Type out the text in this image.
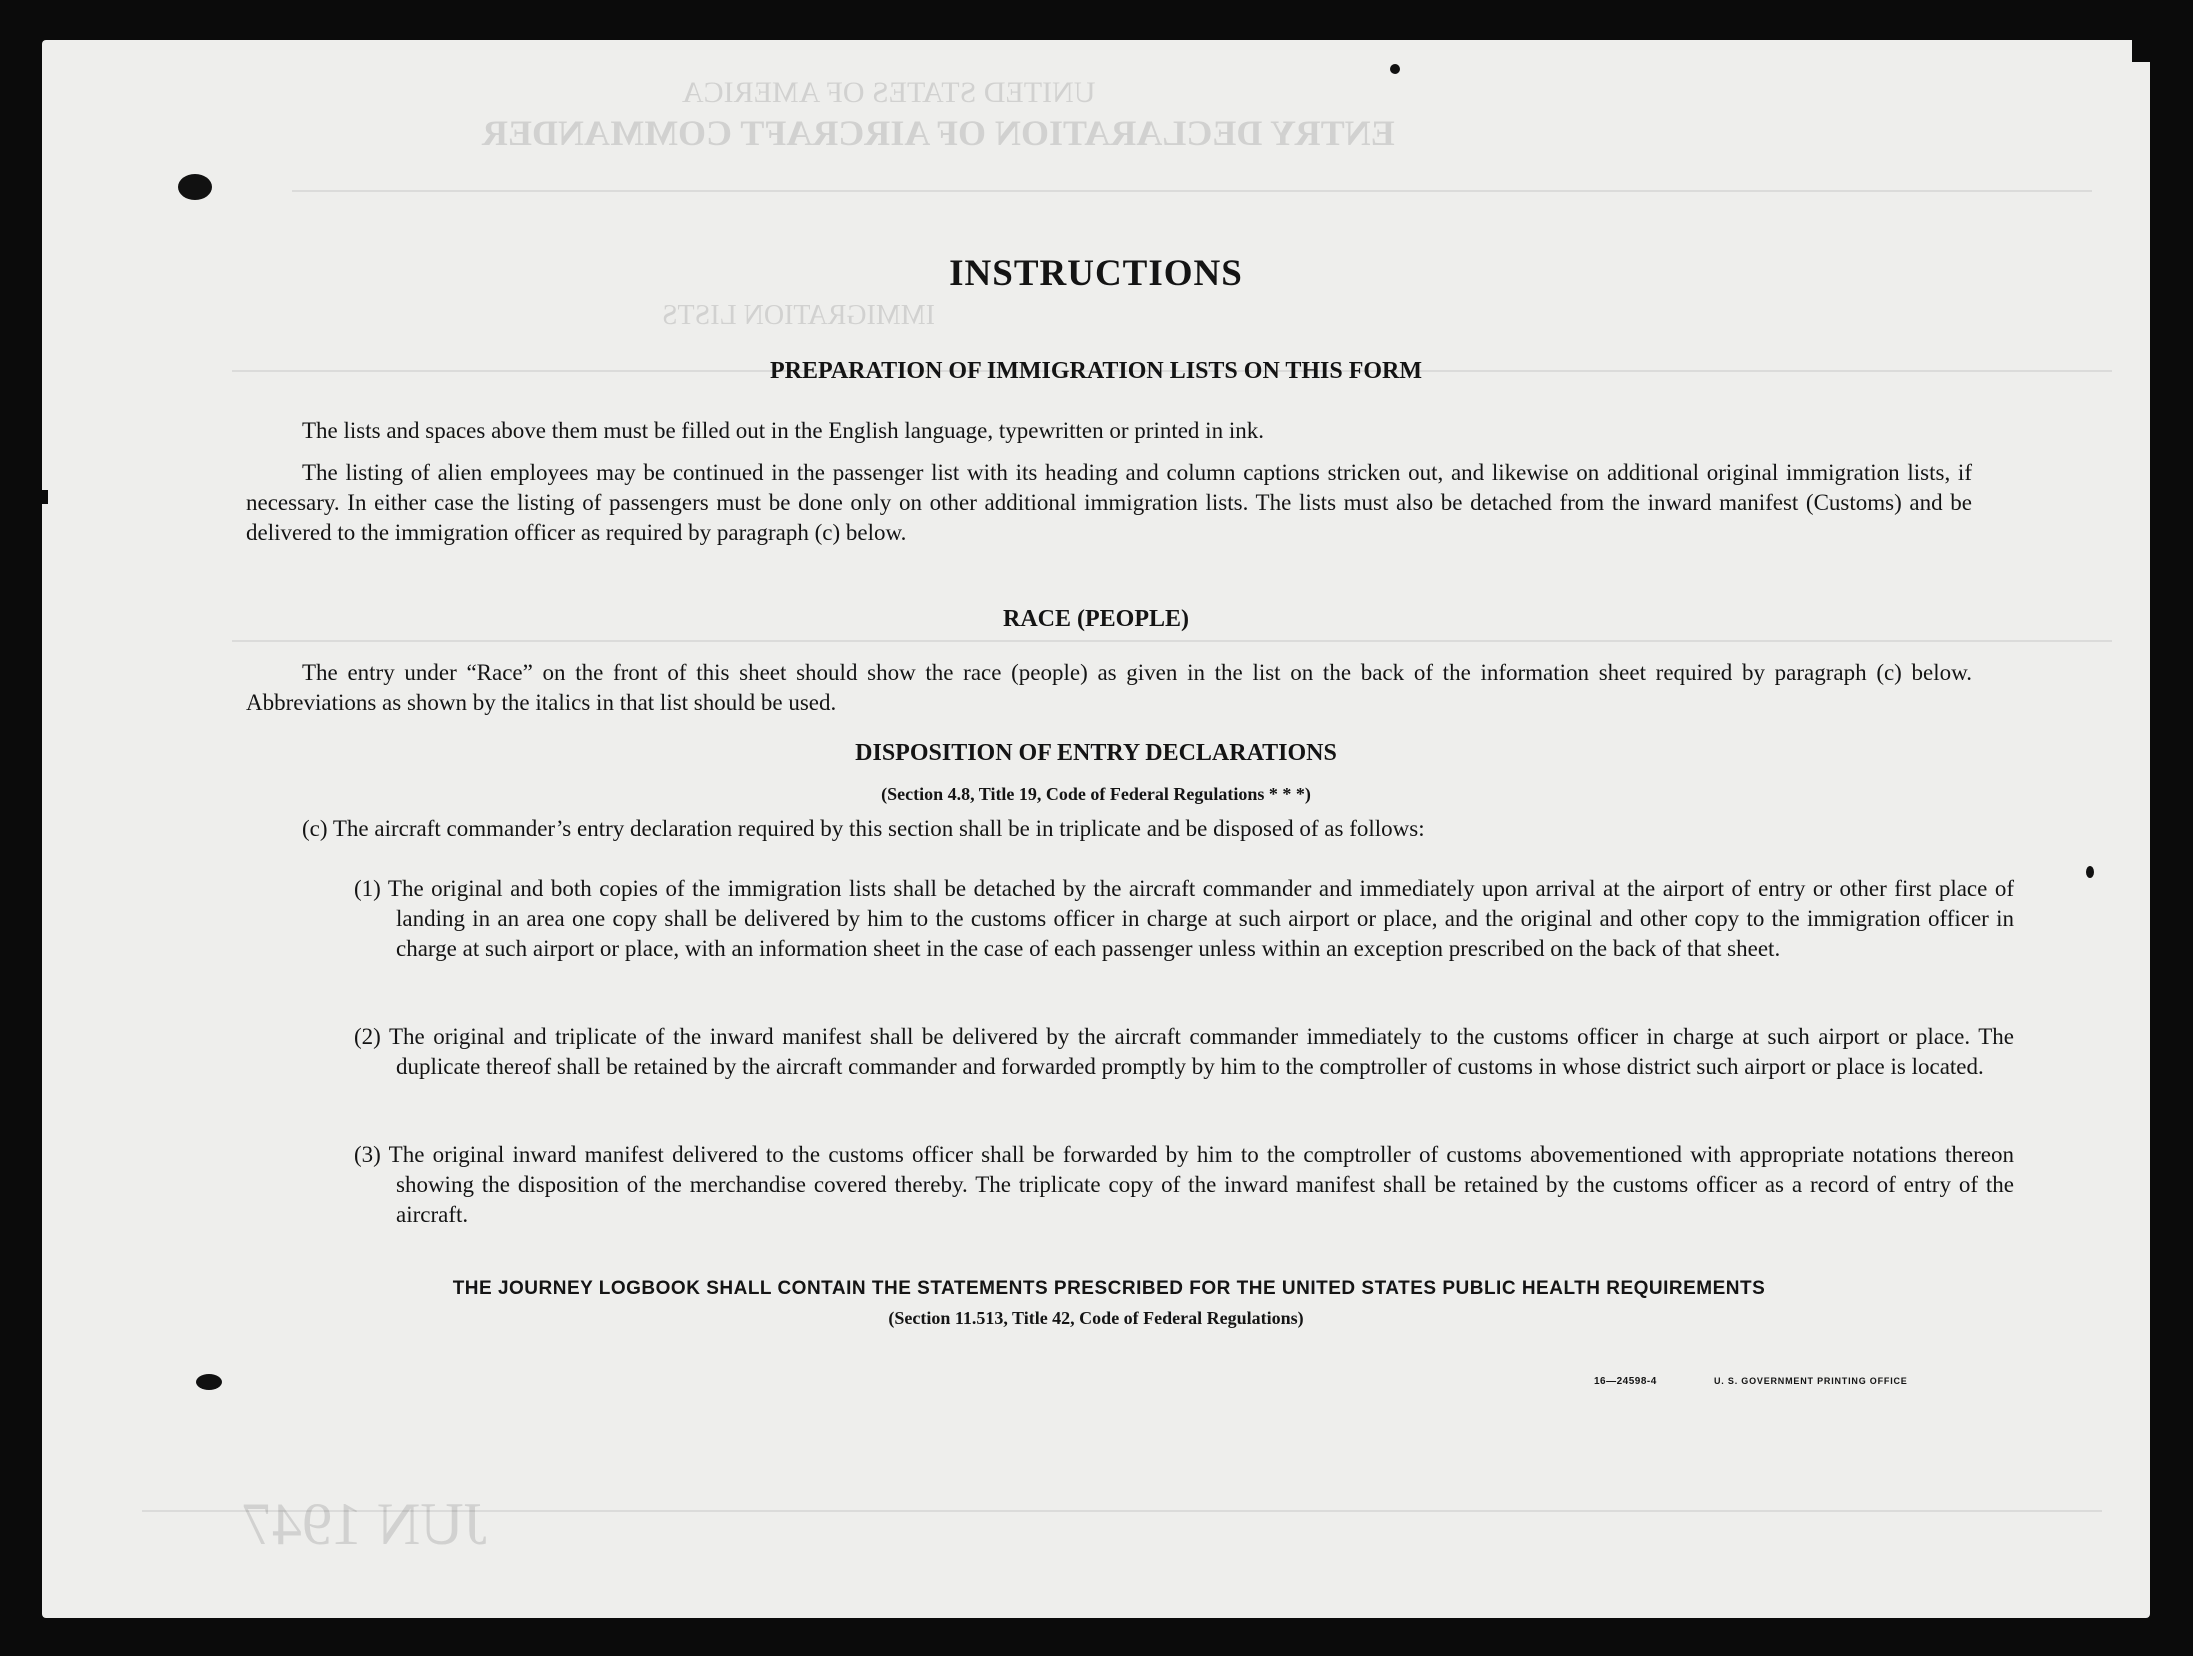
UNITED STATES OF AMERICA
ENTRY DECLARATION OF AIRCRAFT COMMANDER
IMMIGRATION LISTS
JUN 1947
INSTRUCTIONS
PREPARATION OF IMMIGRATION LISTS ON THIS FORM
The lists and spaces above them must be filled out in the English language, typewritten or printed in ink.
The listing of alien employees may be continued in the passenger list with its heading and column captions stricken out, and likewise on additional original immigration lists, if necessary. In either case the listing of passengers must be done only on other additional immigration lists. The lists must also be detached from the inward manifest (Customs) and be delivered to the immigration officer as required by paragraph (c) below.
RACE (PEOPLE)
The entry under “Race” on the front of this sheet should show the race (people) as given in the list on the back of the information sheet required by paragraph (c) below. Abbreviations as shown by the italics in that list should be used.
DISPOSITION OF ENTRY DECLARATIONS
(Section 4.8, Title 19, Code of Federal Regulations * * *)
(c) The aircraft commander’s entry declaration required by this section shall be in triplicate and be disposed of as follows:
(1) The original and both copies of the immigration lists shall be detached by the aircraft commander and immediately upon arrival at the airport of entry or other first place of landing in an area one copy shall be delivered by him to the customs officer in charge at such airport or place, and the original and other copy to the immigration officer in charge at such airport or place, with an information sheet in the case of each passenger unless within an exception prescribed on the back of that sheet.
(2) The original and triplicate of the inward manifest shall be delivered by the aircraft commander immediately to the customs officer in charge at such airport or place. The duplicate thereof shall be retained by the aircraft commander and forwarded promptly by him to the comptroller of customs in whose district such airport or place is located.
(3) The original inward manifest delivered to the customs officer shall be forwarded by him to the comptroller of customs abovementioned with appropriate notations thereon showing the disposition of the merchandise covered thereby. The triplicate copy of the inward manifest shall be retained by the customs officer as a record of entry of the aircraft.
THE JOURNEY LOGBOOK SHALL CONTAIN THE STATEMENTS PRESCRIBED FOR THE UNITED STATES PUBLIC HEALTH REQUIREMENTS
(Section 11.513, Title 42, Code of Federal Regulations)
16—24598-4	U. S. GOVERNMENT PRINTING OFFICE
